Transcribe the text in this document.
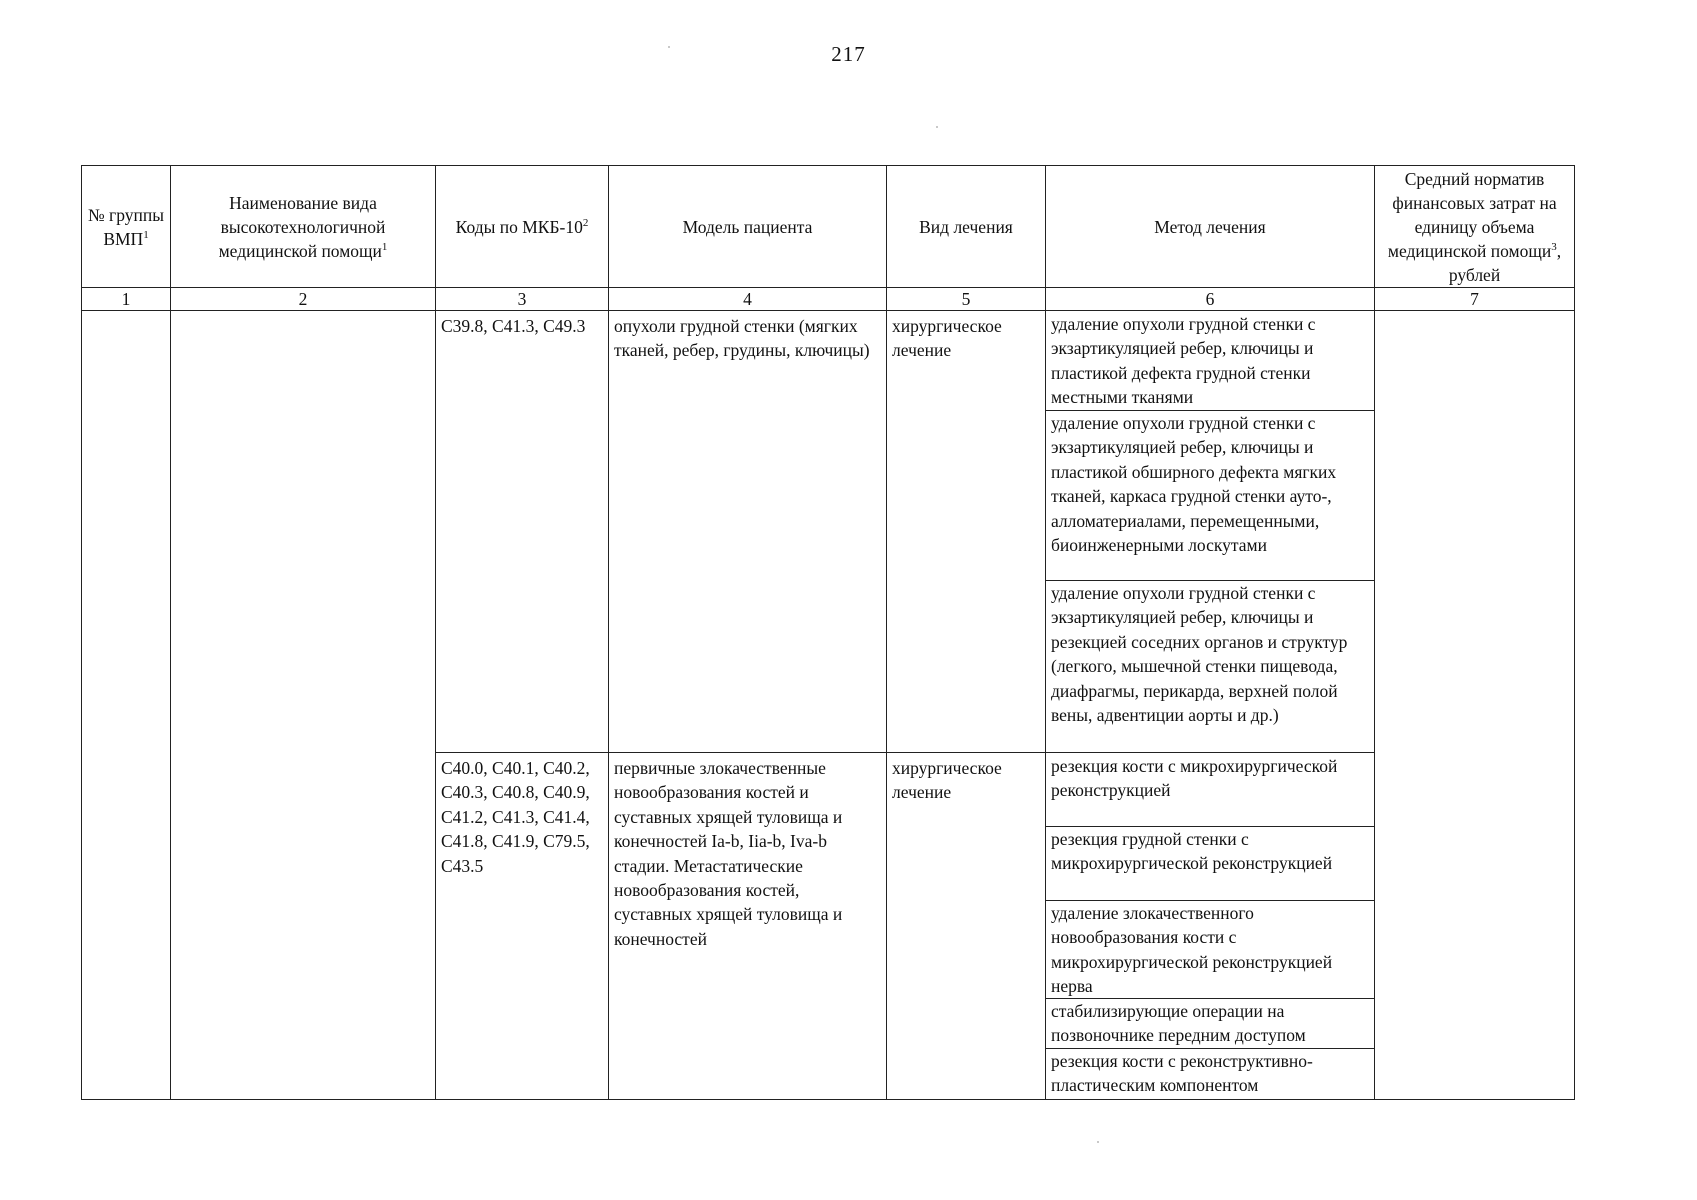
217
№ группы ВМП$^1$	Наименование вида высокотехнологичной медицинской помощи$^1$	Коды по МКБ-$10^2$	Модель пациента	Вид лечения	Метод лечения	Средний норматив финансовых затрат на единицу объема медицинской помощи$^3$, рублей
1	2	3	4	5	6	7
		C39.8, C41.3, C49.3	опухоли грудной стенки (мягких тканей, ребер, грудины, ключицы)	хирургическое лечение	удаление опухоли грудной стенки с экзартикуляцией ребер, ключицы и пластикой дефекта грудной стенки местными тканями
удаление опухоли грудной стенки с экзартикуляцией ребер, ключицы и пластикой обширного дефекта мягких тканей, каркаса грудной стенки ауто-, алломатериалами, перемещенными, биоинженерными лоскутами
удаление опухоли грудной стенки с экзартикуляцией ребер, ключицы и резекцией соседних органов и структур (легкого, мышечной стенки пищевода, диафрагмы, перикарда, верхней полой вены, адвентиции аорты и др.)	

		C40.0, C40.1, C40.2, C40.3, C40.8, C40.9, C41.2, C41.3, C41.4, C41.8, C41.9, C79.5, C43.5	первичные злокачественные новообразования костей и суставных хрящей туловища и конечностей Ia-b, Iia-b, Iva-b стадии. Метастатические новообразования костей, суставных хрящей туловища и конечностей	хирургическое лечение	резекция кости с микрохирургической реконструкцией
резекция грудной стенки с микрохирургической реконструкцией
удаление злокачественного новообразования кости с микрохирургической реконструкцией нерва
стабилизирующие операции на позвоночнике передним доступом
резекция кости с реконструктивно-пластическим компонентом	
